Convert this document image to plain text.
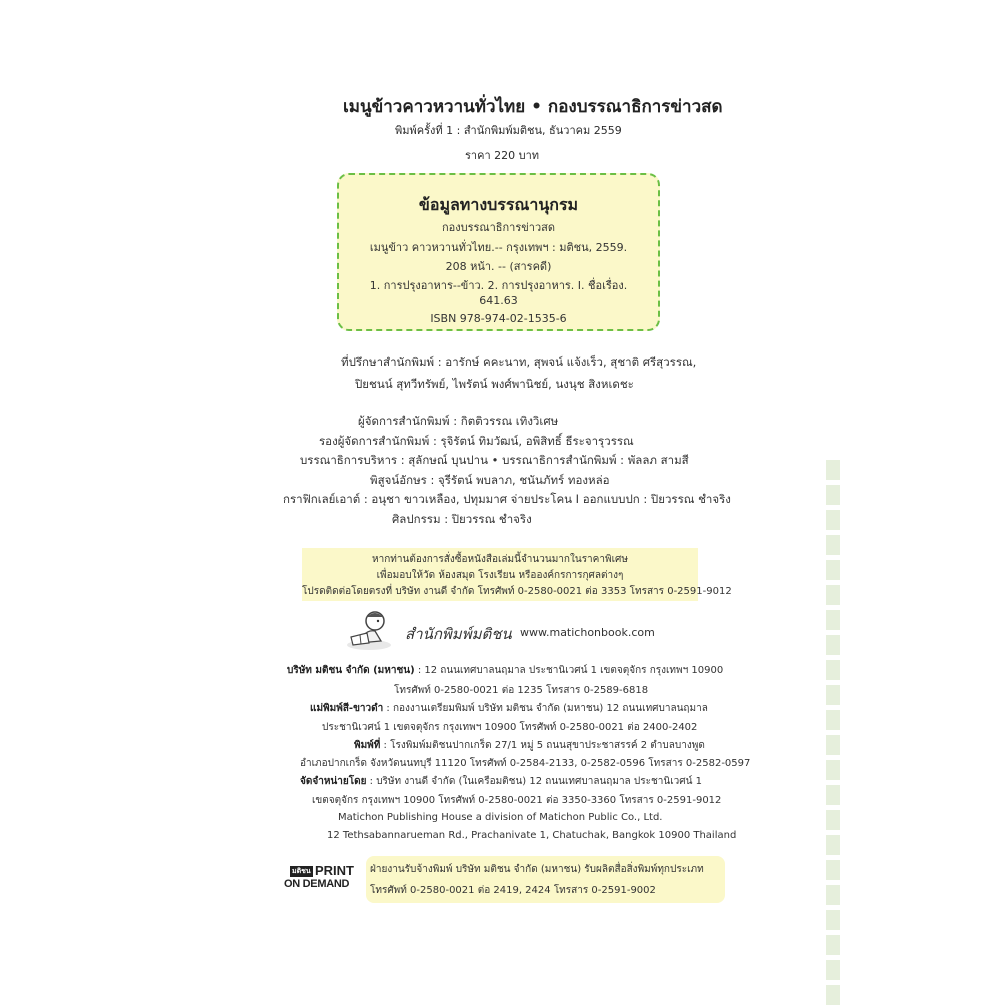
เมนูข้าวคาวหวานทั่วไทย • กองบรรณาธิการข่าวสด
พิมพ์ครั้งที่ 1 : สำนักพิมพ์มติชน, ธันวาคม 2559
ราคา 220 บาท
ข้อมูลทางบรรณานุกรม
กองบรรณาธิการข่าวสด
เมนูข้าว คาวหวานทั่วไทย.-- กรุงเทพฯ : มติชน, 2559.
208 หน้า. -- (สารคดี)
1. การปรุงอาหาร--ข้าว. 2. การปรุงอาหาร. I. ชื่อเรื่อง.
641.63
ISBN 978-974-02-1535-6
ที่ปรึกษาสำนักพิมพ์ : อารักษ์ คคะนาท, สุพจน์ แจ้งเร็ว, สุชาติ ศรีสุวรรณ,
ปิยชนน์ สุทวีทรัพย์, ไพรัตน์ พงศ์พานิชย์, นงนุช สิงหเดชะ
ผู้จัดการสำนักพิมพ์ : กิตติวรรณ เทิงวิเศษ
รองผู้จัดการสำนักพิมพ์ : รุจิรัตน์ ทิมวัฒน์, อพิสิทธิ์ ธีระจารุวรรณ
บรรณาธิการบริหาร : สุลักษณ์ บุนปาน • บรรณาธิการสำนักพิมพ์ : พัลลภ สามสี
พิสูจน์อักษร : จุรีรัตน์ พบลาภ, ชนันภัทร์ ทองหล่อ
กราฟิกเลย์เอาต์ : อนุชา ขาวเหลือง, ปทุมมาศ จ่ายประโคน I ออกแบบปก : ปิยวรรณ ชำจริง
ศิลปกรรม : ปิยวรรณ ชำจริง
หากท่านต้องการสั่งซื้อหนังสือเล่มนี้จำนวนมากในราคาพิเศษ
เพื่อมอบให้วัด ห้องสมุด โรงเรียน หรือองค์กรการกุศลต่างๆ
โปรดติดต่อโดยตรงที่ บริษัท งานดี จำกัด โทรศัพท์ 0-2580-0021 ต่อ 3353 โทรสาร 0-2591-9012
สำนักพิมพ์มติชน www.matichonbook.com
บริษัท มติชน จำกัด (มหาชน) : 12 ถนนเทศบาลนฤมาล ประชานิเวศน์ 1 เขตจตุจักร กรุงเทพฯ 10900
โทรศัพท์ 0-2580-0021 ต่อ 1235 โทรสาร 0-2589-6818
แม่พิมพ์สี-ขาวดำ : กองงานเตรียมพิมพ์ บริษัท มติชน จำกัด (มหาชน) 12 ถนนเทศบาลนฤมาล
ประชานิเวศน์ 1 เขตจตุจักร กรุงเทพฯ 10900 โทรศัพท์ 0-2580-0021 ต่อ 2400-2402
พิมพ์ที่ : โรงพิมพ์มติชนปากเกร็ด 27/1 หมู่ 5 ถนนสุขาประชาสรรค์ 2 ตำบลบางพูด
อำเภอปากเกร็ด จังหวัดนนทบุรี 11120 โทรศัพท์ 0-2584-2133, 0-2582-0596 โทรสาร 0-2582-0597
จัดจำหน่ายโดย : บริษัท งานดี จำกัด (ในเครือมติชน) 12 ถนนเทศบาลนฤมาล ประชานิเวศน์ 1
เขตจตุจักร กรุงเทพฯ 10900 โทรศัพท์ 0-2580-0021 ต่อ 3350-3360 โทรสาร 0-2591-9012
Matichon Publishing House a division of Matichon Public Co., Ltd.
12 Tethsabannarueman Rd., Prachanivate 1, Chatuchak, Bangkok 10900 Thailand
มติชน PRINT
ON DEMAND
ฝ่ายงานรับจ้างพิมพ์ บริษัท มติชน จำกัด (มหาชน) รับผลิตสื่อสิ่งพิมพ์ทุกประเภท
โทรศัพท์ 0-2580-0021 ต่อ 2419, 2424 โทรสาร 0-2591-9002
